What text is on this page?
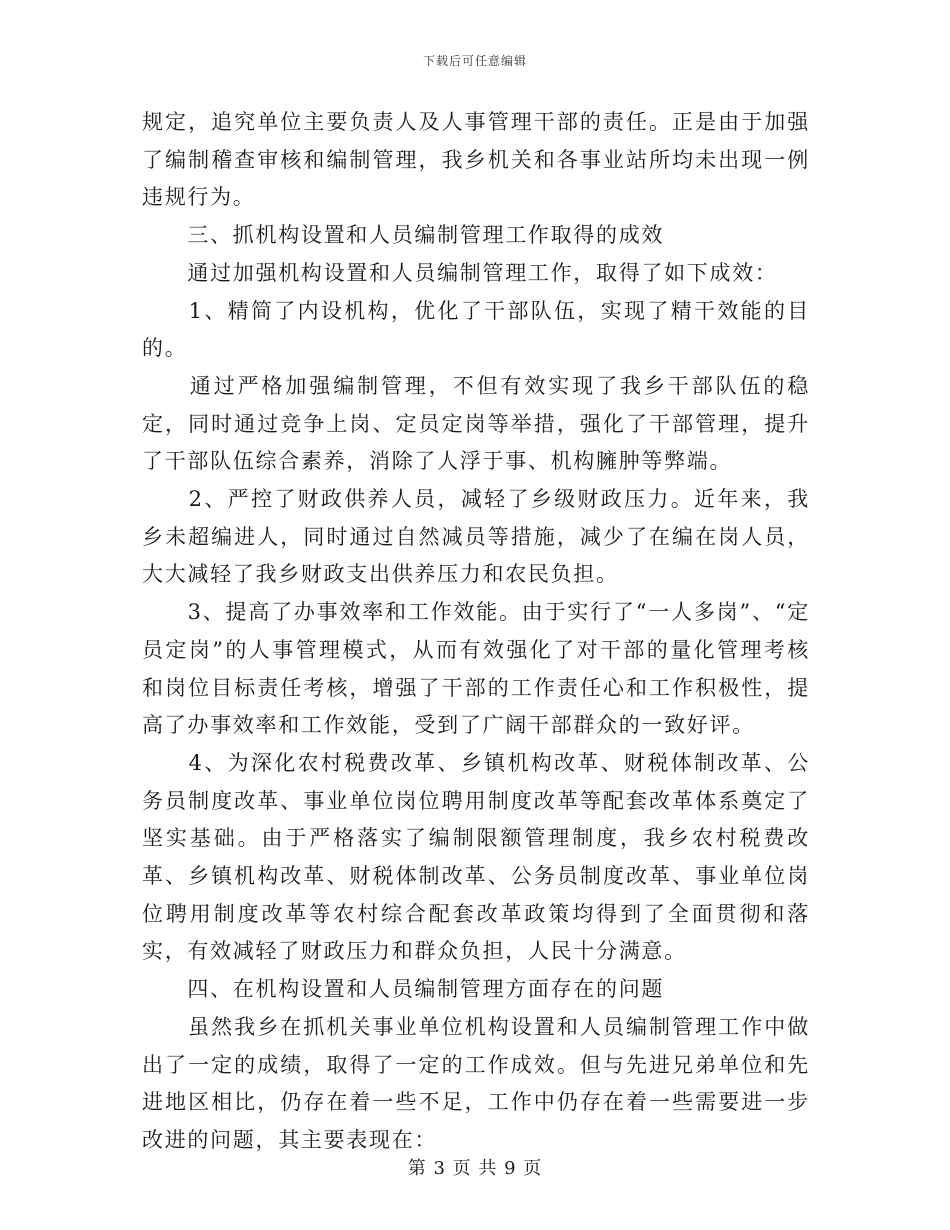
下载后可任意编辑

规定，追究单位主要负责人及人事管理干部的责任。正是由于加强了编制稽查审核和编制管理，我乡机关和各事业站所均未出现一例违规行为。

　　三、抓机构设置和人员编制管理工作取得的成效

　　通过加强机构设置和人员编制管理工作，取得了如下成效：

　　1、精简了内设机构，优化了干部队伍，实现了精干效能的目的。

　　通过严格加强编制管理，不但有效实现了我乡干部队伍的稳定，同时通过竞争上岗、定员定岗等举措，强化了干部管理，提升了干部队伍综合素养，消除了人浮于事、机构臃肿等弊端。

　　2、严控了财政供养人员，减轻了乡级财政压力。近年来，我乡未超编进人，同时通过自然减员等措施，减少了在编在岗人员，大大减轻了我乡财政支出供养压力和农民负担。

　　3、提高了办事效率和工作效能。由于实行了“一人多岗”、“定员定岗”的人事管理模式，从而有效强化了对干部的量化管理考核和岗位目标责任考核，增强了干部的工作责任心和工作积极性，提高了办事效率和工作效能，受到了广阔干部群众的一致好评。

　　4、为深化农村税费改革、乡镇机构改革、财税体制改革、公务员制度改革、事业单位岗位聘用制度改革等配套改革体系奠定了坚实基础。由于严格落实了编制限额管理制度，我乡农村税费改革、乡镇机构改革、财税体制改革、公务员制度改革、事业单位岗位聘用制度改革等农村综合配套改革政策均得到了全面贯彻和落实，有效减轻了财政压力和群众负担，人民十分满意。

　　四、在机构设置和人员编制管理方面存在的问题

　　虽然我乡在抓机关事业单位机构设置和人员编制管理工作中做出了一定的成绩，取得了一定的工作成效。但与先进兄弟单位和先进地区相比，仍存在着一些不足，工作中仍存在着一些需要进一步改进的问题，其主要表现在：

第 3 页 共 9 页
